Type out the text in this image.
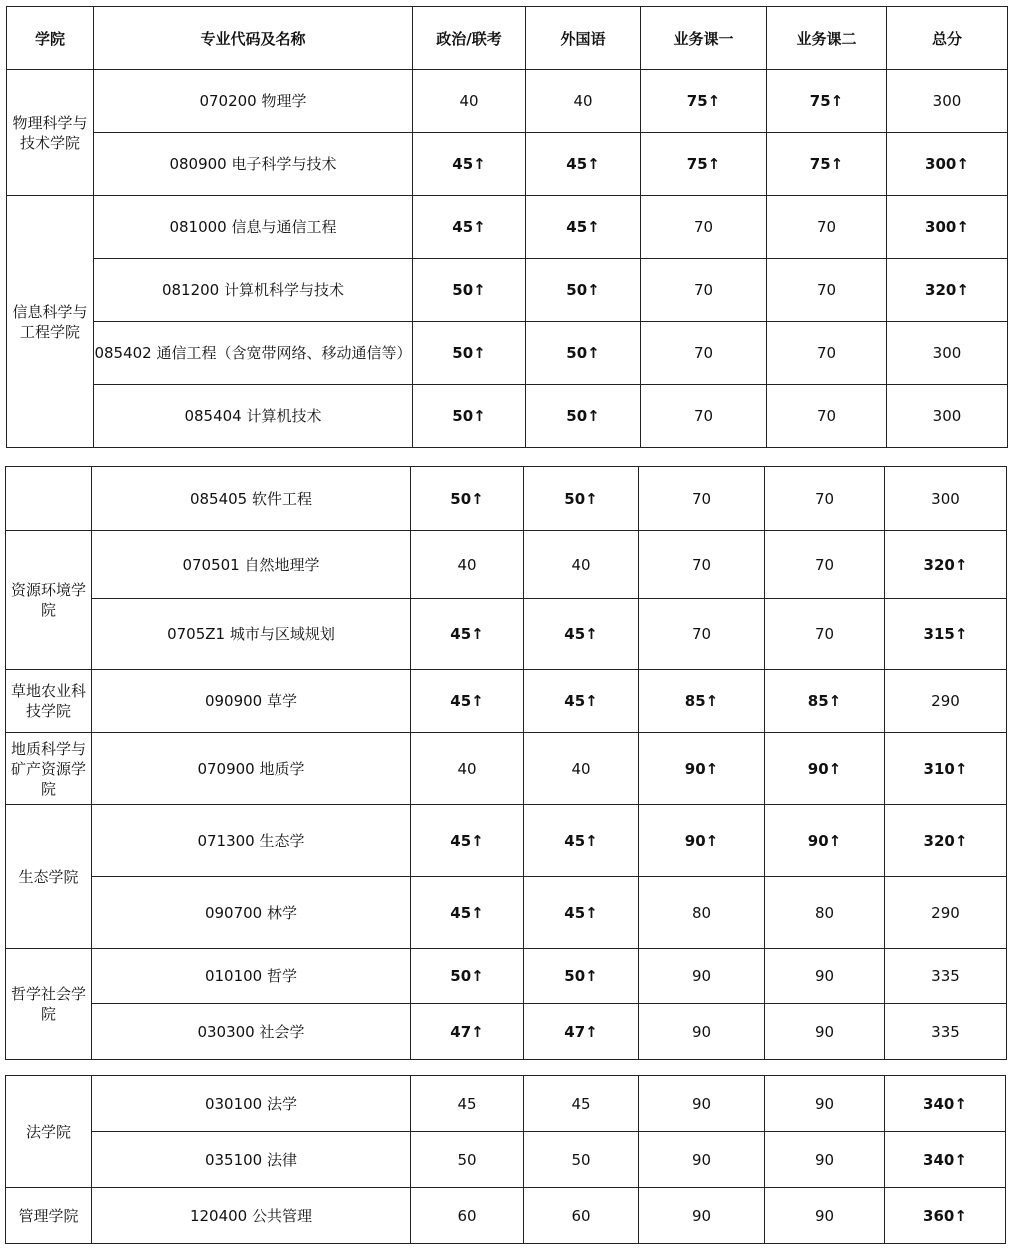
学院	专业代码及名称	政治/联考	外国语	业务课一	业务课二	总分
物理科学与技术学院	070200 物理学	40	40	75↑	75↑	300
	080900 电子科学与技术	45↑	45↑	75↑	75↑	300↑
信息科学与工程学院	081000 信息与通信工程	45↑	45↑	70	70	300↑
	081200 计算机科学与技术	50↑	50↑	70	70	320↑
	085402 通信工程（含宽带网络、移动通信等）	50↑	50↑	70	70	300
	085404 计算机技术	50↑	50↑	70	70	300
	085405 软件工程	50↑	50↑	70	70	300
资源环境学院	070501 自然地理学	40	40	70	70	320↑
	0705Z1 城市与区域规划	45↑	45↑	70	70	315↑
草地农业科技学院	090900 草学	45↑	45↑	85↑	85↑	290
地质科学与矿产资源学院	070900 地质学	40	40	90↑	90↑	310↑
生态学院	071300 生态学	45↑	45↑	90↑	90↑	320↑
	090700 林学	45↑	45↑	80	80	290
哲学社会学院	010100 哲学	50↑	50↑	90	90	335
	030300 社会学	47↑	47↑	90	90	335
法学院	030100 法学	45	45	90	90	340↑
	035100 法律	50	50	90	90	340↑
管理学院	120400 公共管理	60	60	90	90	360↑
